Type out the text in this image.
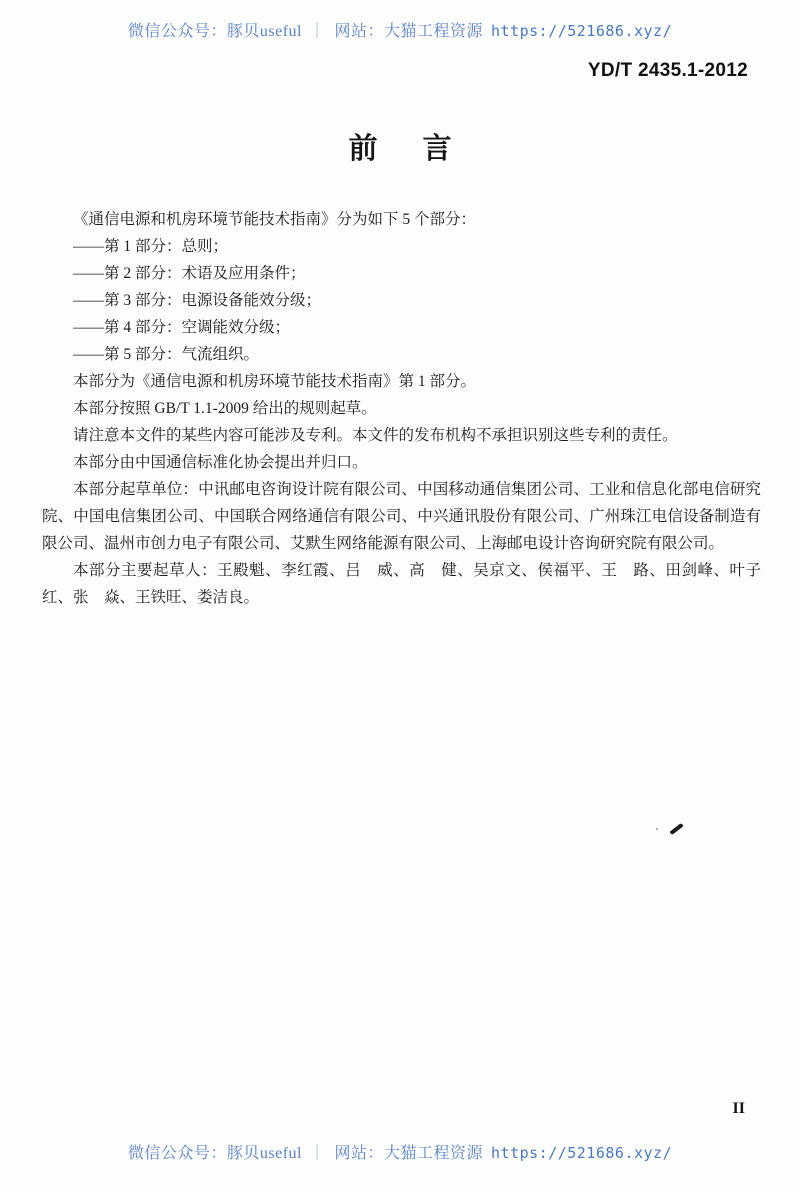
微信公众号：豚贝useful ｜ 网站：大猫工程资源 https://521686.xyz/
YD/T 2435.1-2012
前言

《通信电源和机房环境节能技术指南》分为如下 5 个部分：

——第 1 部分：总则；

——第 2 部分：术语及应用条件；

——第 3 部分：电源设备能效分级；

——第 4 部分：空调能效分级；

——第 5 部分：气流组织。

本部分为《通信电源和机房环境节能技术指南》第 1 部分。

本部分按照 GB/T 1.1-2009 给出的规则起草。

请注意本文件的某些内容可能涉及专利。本文件的发布机构不承担识别这些专利的责任。

本部分由中国通信标准化协会提出并归口。

本部分起草单位：中讯邮电咨询设计院有限公司、中国移动通信集团公司、工业和信息化部电信研究院、中国电信集团公司、中国联合网络通信有限公司、中兴通讯股份有限公司、广州珠江电信设备制造有限公司、温州市创力电子有限公司、艾默生网络能源有限公司、上海邮电设计咨询研究院有限公司。

本部分主要起草人：王殿魁、李红霞、吕　威、高　健、吴京文、侯福平、王　路、田剑峰、叶子红、张　焱、王铁旺、娄洁良。

II
微信公众号：豚贝useful ｜ 网站：大猫工程资源 https://521686.xyz/
